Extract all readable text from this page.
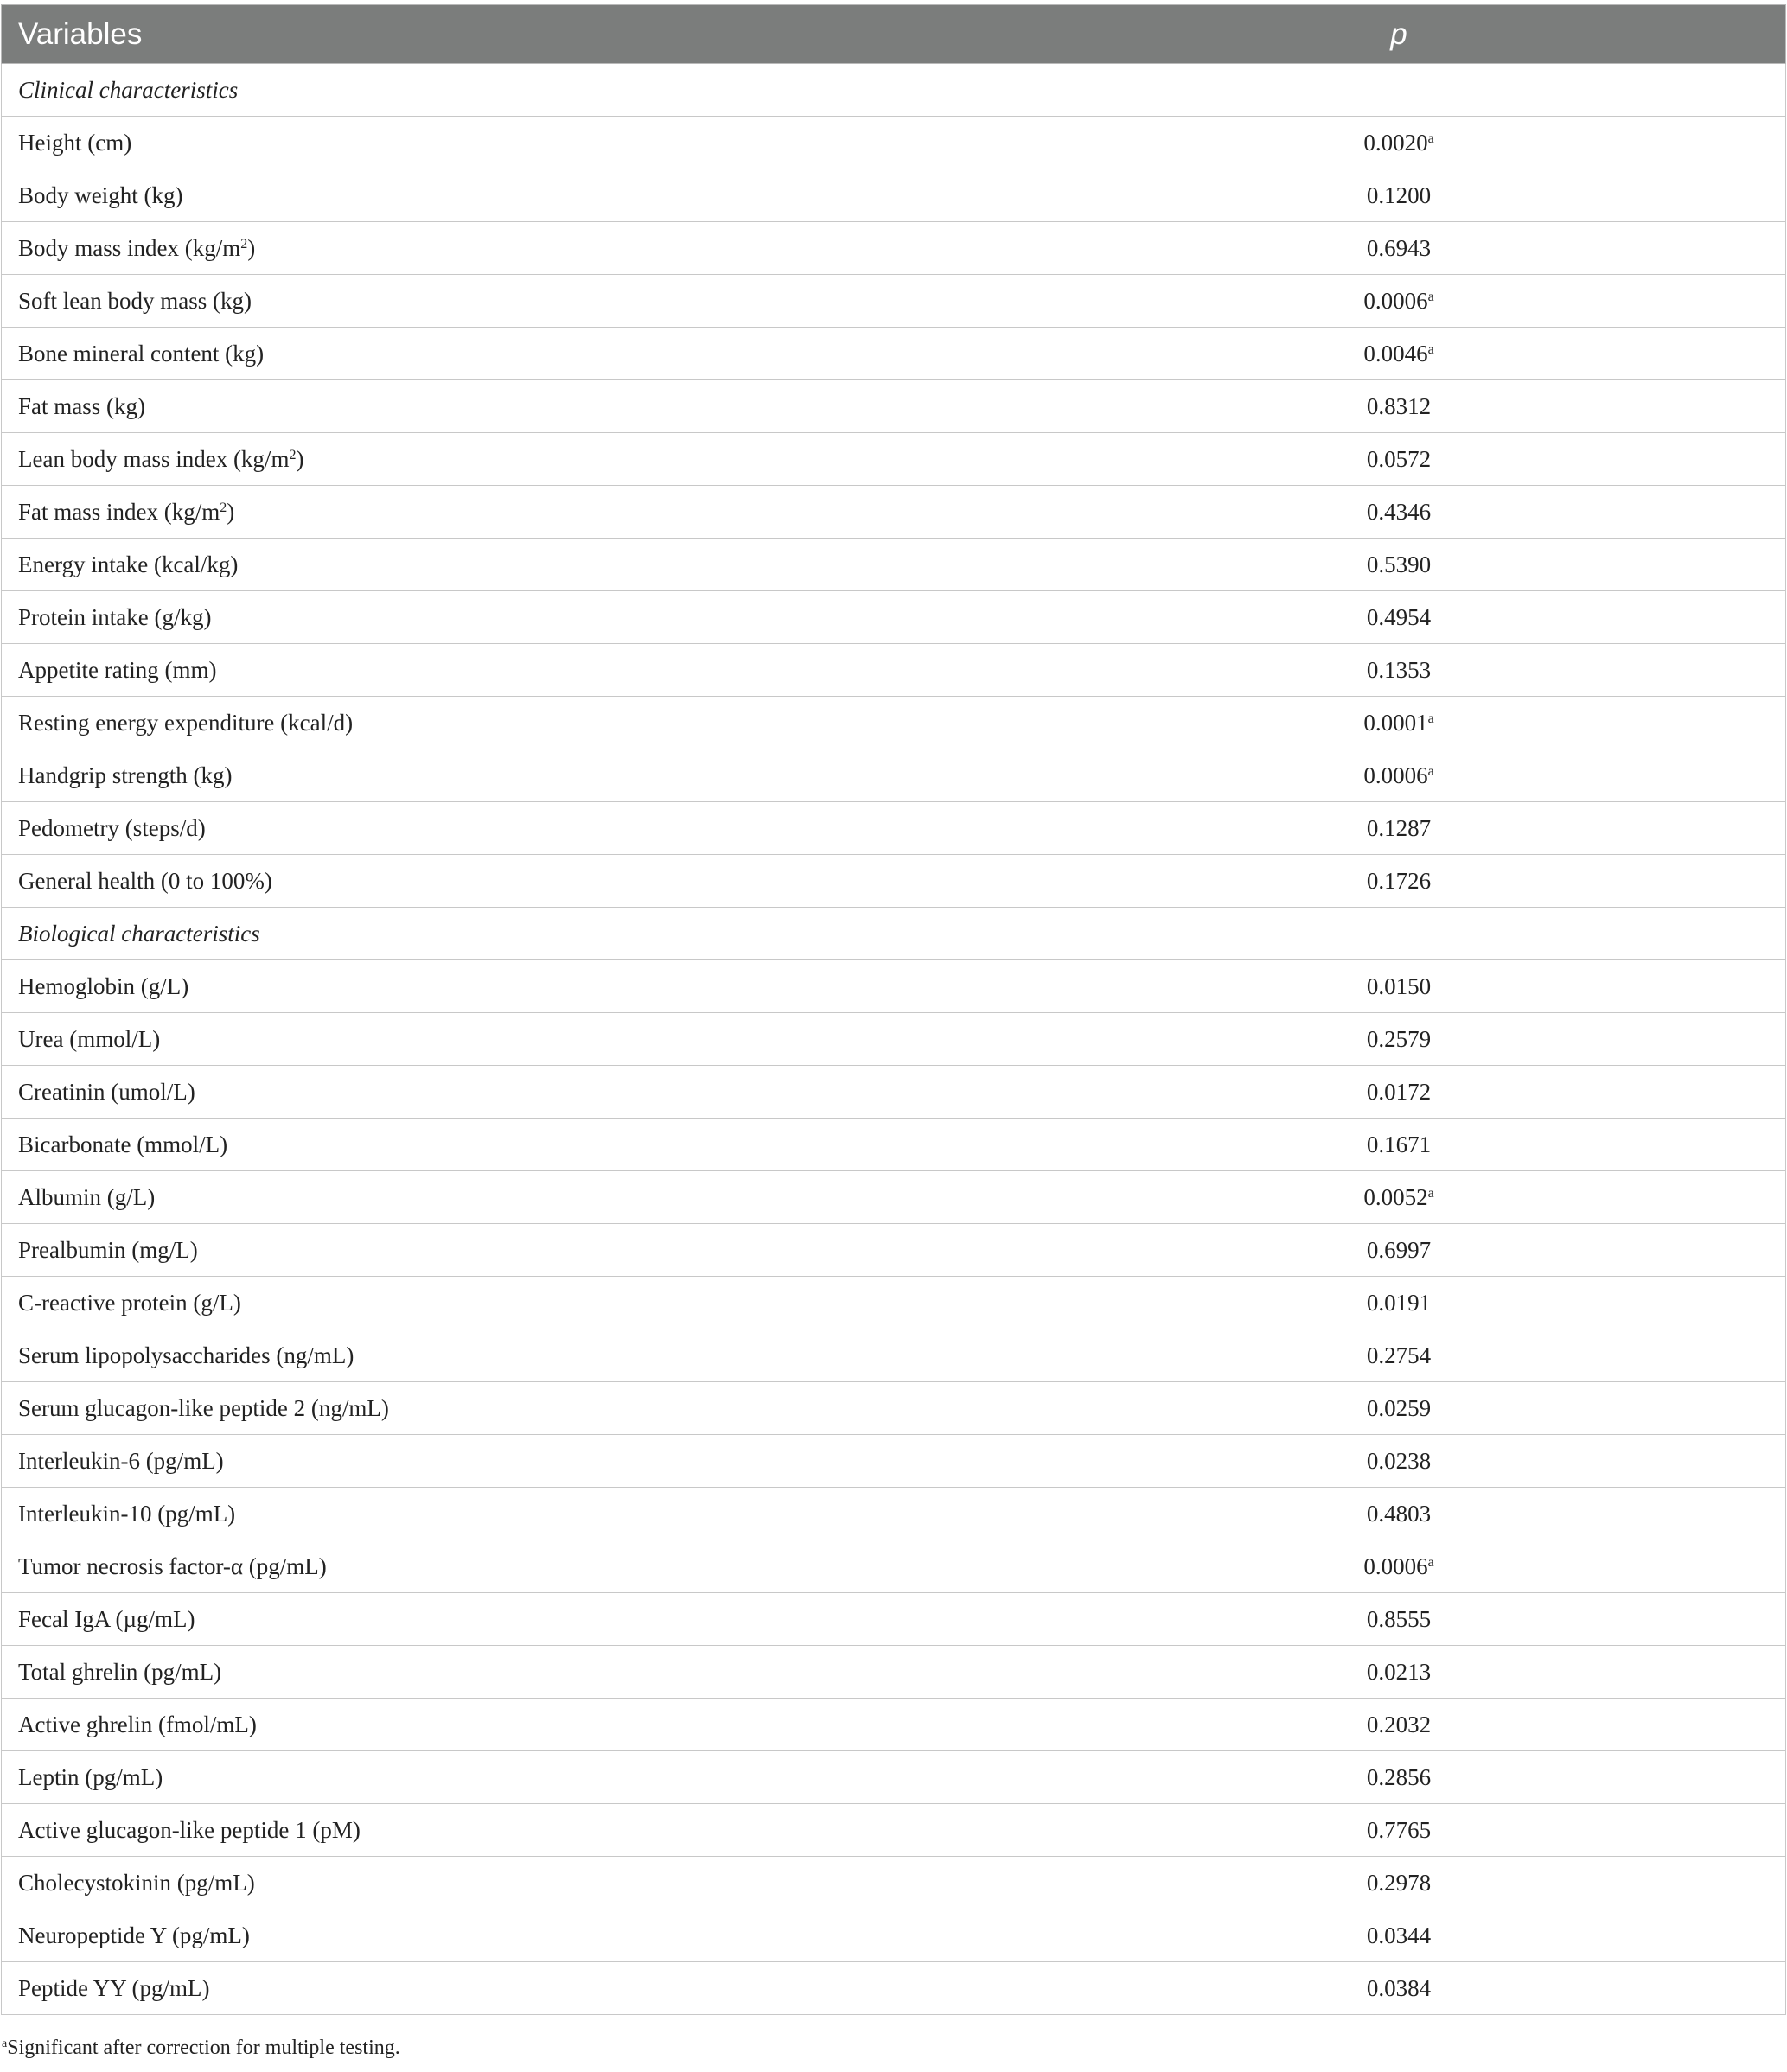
Variables	p
Clinical characteristics	
Height (cm)	0.0020$^a$
Body weight (kg)	0.1200
Body mass index (kg/m$^2$)	0.6943
Soft lean body mass (kg)	0.0006$^a$
Bone mineral content (kg)	0.0046$^a$
Fat mass (kg)	0.8312
Lean body mass index (kg/m$^2$)	0.0572
Fat mass index (kg/m$^2$)	0.4346
Energy intake (kcal/kg)	0.5390
Protein intake (g/kg)	0.4954
Appetite rating (mm)	0.1353
Resting energy expenditure (kcal/d)	0.0001$^a$
Handgrip strength (kg)	0.0006$^a$
Pedometry (steps/d)	0.1287
General health (0 to 100%)	0.1726
Biological characteristics	
Hemoglobin (g/L)	0.0150
Urea (mmol/L)	0.2579
Creatinin (umol/L)	0.0172
Bicarbonate (mmol/L)	0.1671
Albumin (g/L)	0.0052$^a$
Prealbumin (mg/L)	0.6997
C-reactive protein (g/L)	0.0191
Serum lipopolysaccharides (ng/mL)	0.2754
Serum glucagon-like peptide 2 (ng/mL)	0.0259
Interleukin-6 (pg/mL)	0.0238
Interleukin-10 (pg/mL)	0.4803
Tumor necrosis factor-α (pg/mL)	0.0006$^a$
Fecal IgA (µg/mL)	0.8555
Total ghrelin (pg/mL)	0.0213
Active ghrelin (fmol/mL)	0.2032
Leptin (pg/mL)	0.2856
Active glucagon-like peptide 1 (pM)	0.7765
Cholecystokinin (pg/mL)	0.2978
Neuropeptide Y (pg/mL)	0.0344
Peptide YY (pg/mL)	0.0384
$^a$Significant after correction for multiple testing.
